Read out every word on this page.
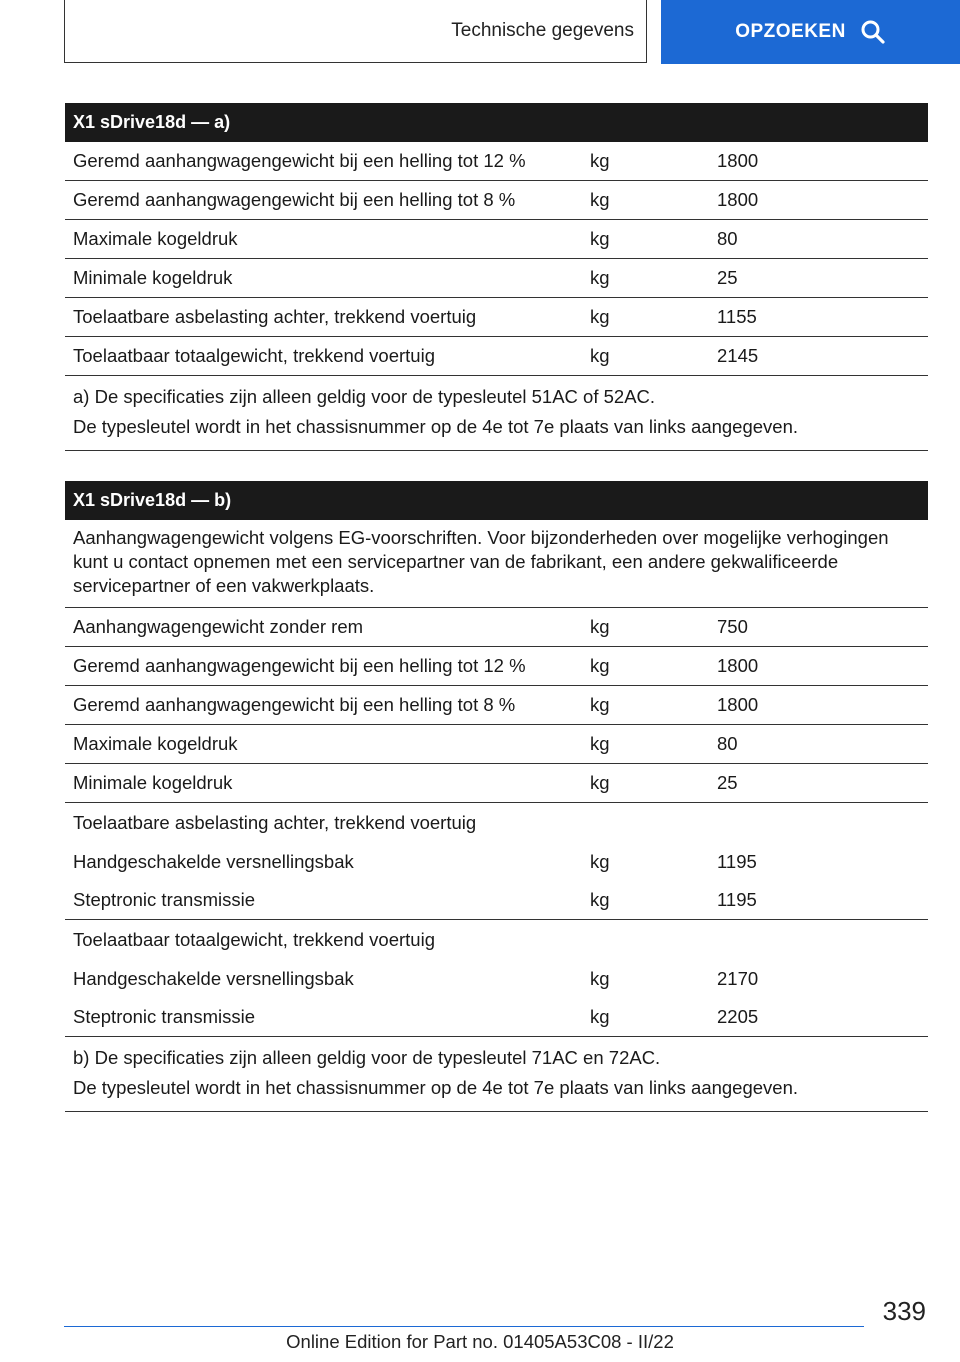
Technische gegevens	OPZOEKEN
X1 sDrive18d — a)
Geremd aanhangwagengewicht bij een helling tot 12 %	kg	1800
Geremd aanhangwagengewicht bij een helling tot 8 %	kg	1800
Maximale kogeldruk	kg	80
Minimale kogeldruk	kg	25
Toelaatbare asbelasting achter, trekkend voertuig	kg	1155
Toelaatbaar totaalgewicht, trekkend voertuig	kg	2145
a) De specificaties zijn alleen geldig voor de typesleutel 51AC of 52AC.
De typesleutel wordt in het chassisnummer op de 4e tot 7e plaats van links aangegeven.
X1 sDrive18d — b)
Aanhangwagengewicht volgens EG-voorschriften. Voor bijzonderheden over mogelijke verhogingen kunt u contact opnemen met een servicepartner van de fabrikant, een andere gekwalificeerde servicepartner of een vakwerkplaats.
Aanhangwagengewicht zonder rem	kg	750
Geremd aanhangwagengewicht bij een helling tot 12 %	kg	1800
Geremd aanhangwagengewicht bij een helling tot 8 %	kg	1800
Maximale kogeldruk	kg	80
Minimale kogeldruk	kg	25
Toelaatbare asbelasting achter, trekkend voertuig
Handgeschakelde versnellingsbak	kg	1195
Steptronic transmissie	kg	1195
Toelaatbaar totaalgewicht, trekkend voertuig
Handgeschakelde versnellingsbak	kg	2170
Steptronic transmissie	kg	2205
b) De specificaties zijn alleen geldig voor de typesleutel 71AC en 72AC.
De typesleutel wordt in het chassisnummer op de 4e tot 7e plaats van links aangegeven.
339
Online Edition for Part no. 01405A53C08 - II/22
